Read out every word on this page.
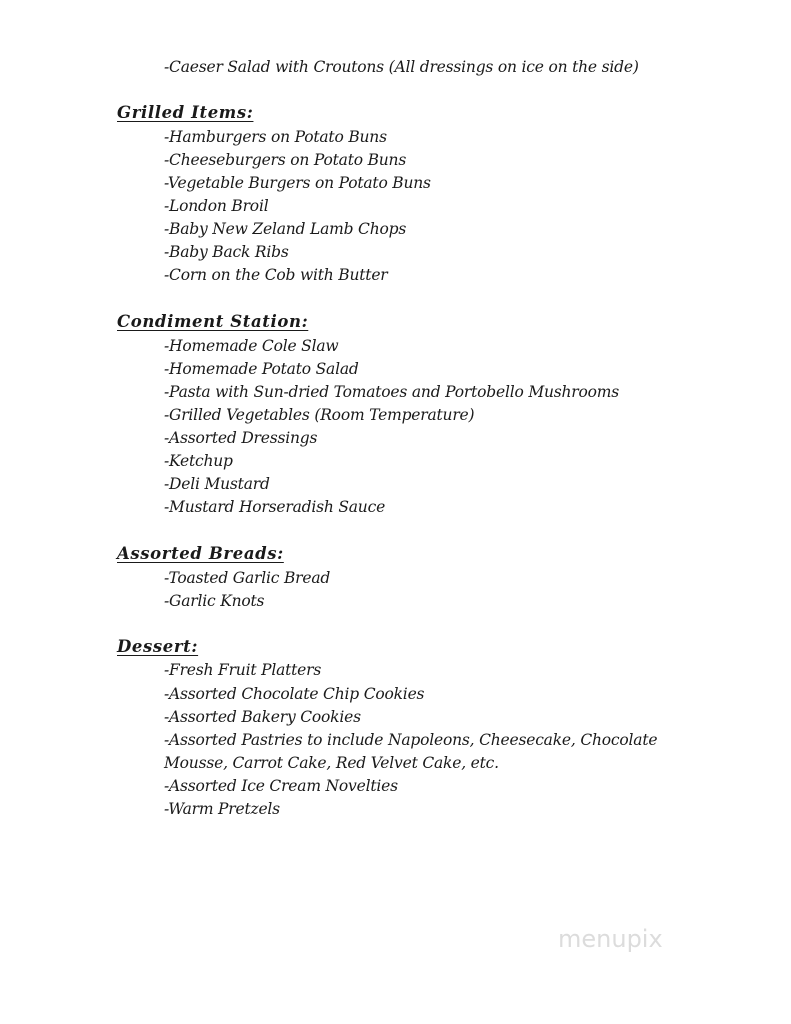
-Caeser Salad with Croutons (All dressings on ice on the side)
Grilled Items:
-Hamburgers on Potato Buns
-Cheeseburgers on Potato Buns
-Vegetable Burgers on Potato Buns
-London Broil
-Baby New Zeland Lamb Chops
-Baby Back Ribs
-Corn on the Cob with Butter
Condiment Station:
-Homemade Cole Slaw
-Homemade Potato Salad
-Pasta with Sun-dried Tomatoes and Portobello Mushrooms
-Grilled Vegetables (Room Temperature)
-Assorted Dressings
-Ketchup
-Deli Mustard
-Mustard Horseradish Sauce
Assorted Breads:
-Toasted Garlic Bread
-Garlic Knots
Dessert:
-Fresh Fruit Platters
-Assorted Chocolate Chip Cookies
-Assorted Bakery Cookies
-Assorted Pastries to include Napoleons, Cheesecake, Chocolate
Mousse, Carrot Cake, Red Velvet Cake, etc.
-Assorted Ice Cream Novelties
-Warm Pretzels
menupix
